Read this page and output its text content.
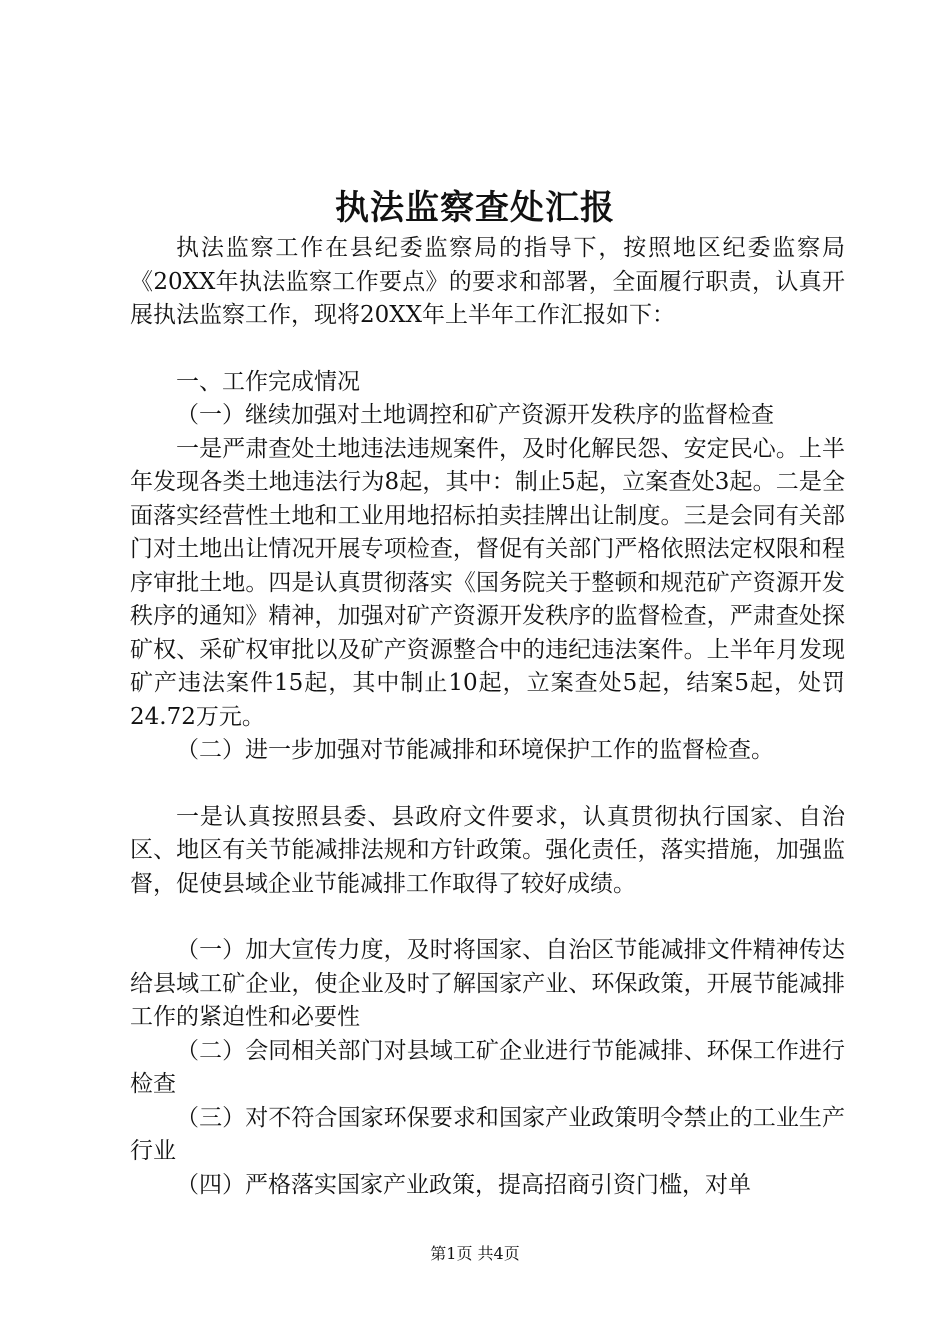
执法监察查处汇报

执法监察工作在县纪委监察局的指导下，按照地区纪委监察局《20XX年执法监察工作要点》的要求和部署，全面履行职责，认真开展执法监察工作，现将20XX年上半年工作汇报如下：

一、工作完成情况

（一）继续加强对土地调控和矿产资源开发秩序的监督检查

一是严肃查处土地违法违规案件，及时化解民怨、安定民心。上半年发现各类土地违法行为8起，其中：制止5起，立案查处3起。二是全面落实经营性土地和工业用地招标拍卖挂牌出让制度。三是会同有关部门对土地出让情况开展专项检查，督促有关部门严格依照法定权限和程序审批土地。四是认真贯彻落实《国务院关于整顿和规范矿产资源开发秩序的通知》精神，加强对矿产资源开发秩序的监督检查，严肃查处探矿权、采矿权审批以及矿产资源整合中的违纪违法案件。上半年月发现矿产违法案件15起，其中制止10起，立案查处5起，结案5起，处罚24.72万元。

（二）进一步加强对节能减排和环境保护工作的监督检查。

一是认真按照县委、县政府文件要求，认真贯彻执行国家、自治区、地区有关节能减排法规和方针政策。强化责任，落实措施，加强监督，促使县域企业节能减排工作取得了较好成绩。

（一）加大宣传力度，及时将国家、自治区节能减排文件精神传达给县域工矿企业，使企业及时了解国家产业、环保政策，开展节能减排工作的紧迫性和必要性

（二）会同相关部门对县域工矿企业进行节能减排、环保工作进行检查

（三）对不符合国家环保要求和国家产业政策明令禁止的工业生产行业

（四）严格落实国家产业政策，提高招商引资门槛，对单

第1页 共4页
